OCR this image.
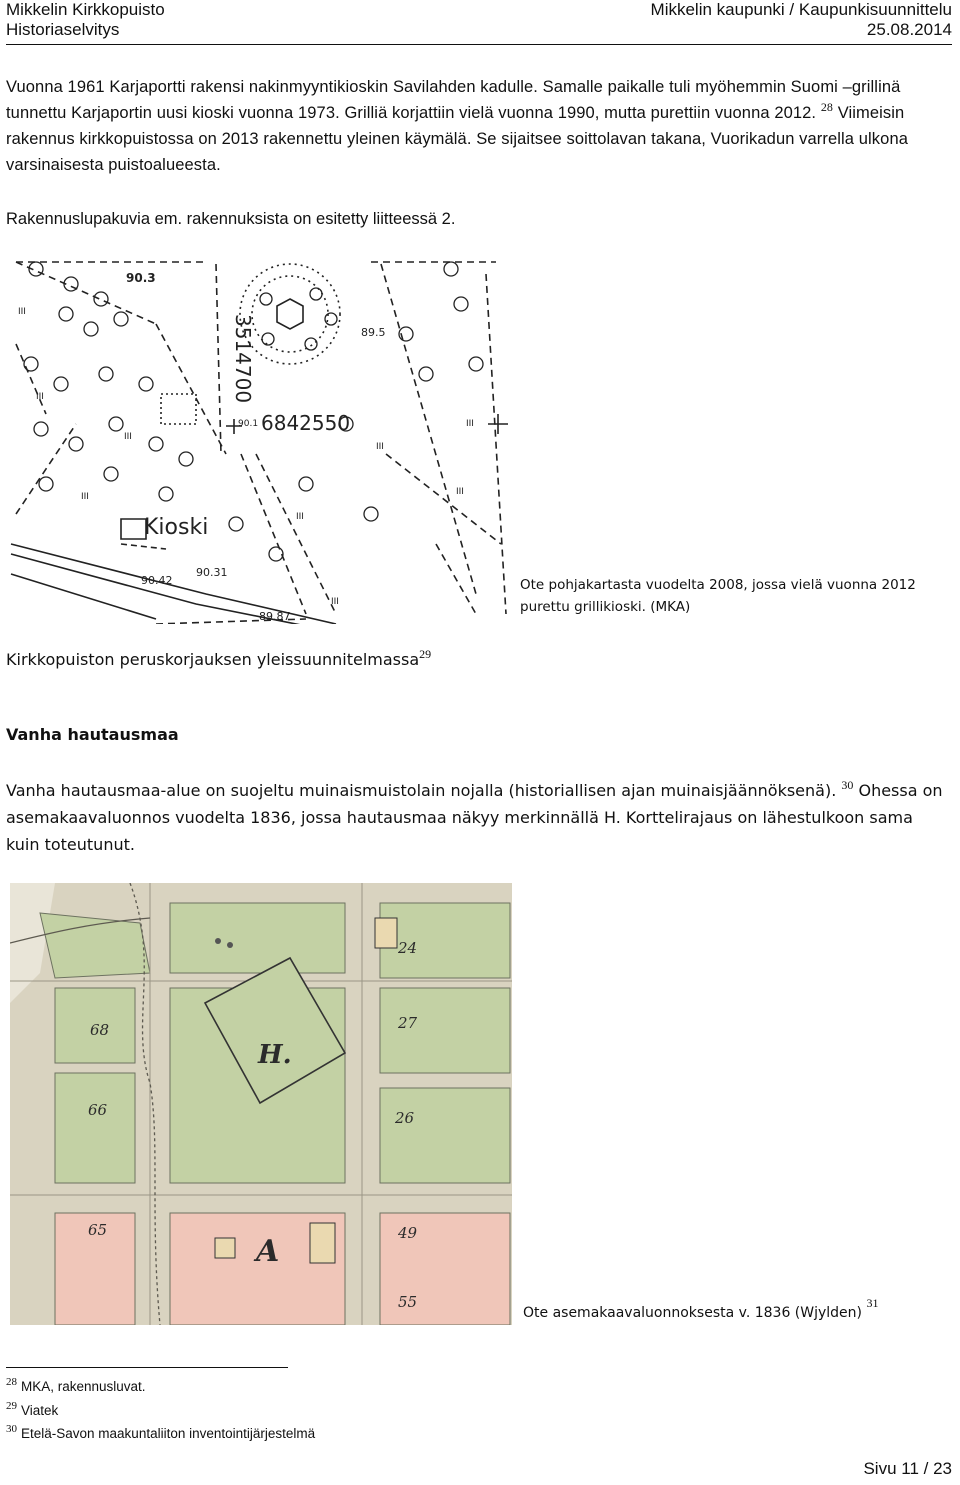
Mikkelin Kirkkopuisto	Mikkelin kaupunki / Kaupunkisuunnittelu
Historiaselvitys	25.08.2014

Vuonna 1961 Karjaportti rakensi nakinmyyntikioskin Savilahden kadulle. Samalle paikalle tuli myöhemmin Suomi –grillinä tunnettu Karjaportin uusi kioski vuonna 1973. Grilliä korjattiin vielä vuonna 1990, mutta purettiin vuonna 2012. $^{28}$ Viimeisin rakennus kirkkopuistossa on 2013 rakennettu yleinen käymälä. Se sijaitsee soittolavan takana, Vuorikadun varrella ulkona varsinaisesta puistoalueesta.

Rakennuslupakuvia em. rakennuksista on esitetty liitteessä 2.

III
III
III
III
III
III
III
III
III
90.3
89.5
3514700
6842550
90.1
Kioski
90.42
90.31
89.87
Ote pohjakartasta vuodelta 2008, jossa vielä vuonna 2012 purettu grillikioski. (MKA)

Kirkkopuiston peruskorjauksen yleissuunnitelmassa$^{29}$

Vanha hautausmaa

Vanha hautausmaa-alue on suojeltu muinaismuistolain nojalla (historiallisen ajan muinaisjäännöksenä). $^{30}$ Ohessa on asemakaavaluonnos vuodelta 1836, jossa hautausmaa näkyy merkinnällä H. Korttelirajaus on lähestulkoon sama kuin toteutunut.

24
27
68
66
H.
26
65
A
49
55
Ote asemakaavaluonnoksesta v. 1836 (Wjylden) $^{31}$
$^{28}$ MKA, rakennusluvat.
$^{29}$ Viatek
$^{30}$ Etelä-Savon maakuntaliiton inventointijärjestelmä
Sivu 11 / 23
